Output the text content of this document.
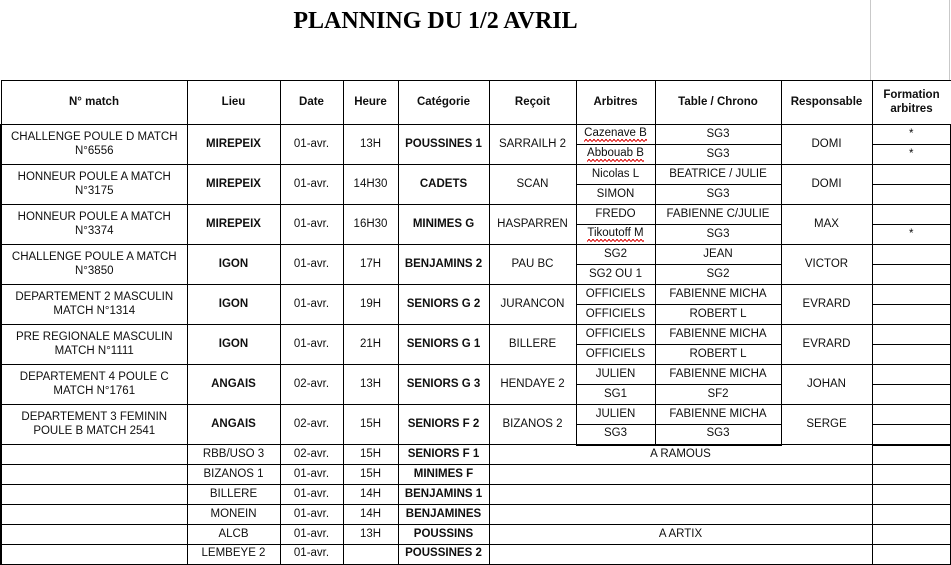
PLANNING DU 1/2 AVRIL
N° match	Lieu	Date	Heure	Catégorie	Reçoit	Arbitres	Table / Chrono	Responsable	Formation arbitres
CHALLENGE POULE D MATCH N°6556	MIREPEIX	01-avr.	13H	POUSSINES 1	SARRAILH 2	Cazenave B	SG3	DOMI	*
						Abbouab B	SG3		*
HONNEUR POULE A MATCH N°3175	MIREPEIX	01-avr.	14H30	CADETS	SCAN	Nicolas L	BEATRICE / JULIE	DOMI	
						SIMON	SG3		
HONNEUR POULE A MATCH N°3374	MIREPEIX	01-avr.	16H30	MINIMES G	HASPARREN	FREDO	FABIENNE C/JULIE	MAX	
						Tikoutoff M	SG3		*
CHALLENGE POULE A MATCH N°3850	IGON	01-avr.	17H	BENJAMINS 2	PAU BC	SG2	JEAN	VICTOR	
						SG2 OU 1	SG2		
DEPARTEMENT 2 MASCULIN MATCH N°1314	IGON	01-avr.	19H	SENIORS G 2	JURANCON	OFFICIELS	FABIENNE MICHA	EVRARD	
						OFFICIELS	ROBERT L		
PRE REGIONALE MASCULIN MATCH N°1111	IGON	01-avr.	21H	SENIORS G 1	BILLERE	OFFICIELS	FABIENNE MICHA	EVRARD	
						OFFICIELS	ROBERT L		
DEPARTEMENT 4 POULE C MATCH N°1761	ANGAIS	02-avr.	13H	SENIORS G 3	HENDAYE 2	JULIEN	FABIENNE MICHA	JOHAN	
						SG1	SF2		
DEPARTEMENT 3 FEMININ POULE B MATCH 2541	ANGAIS	02-avr.	15H	SENIORS F 2	BIZANOS 2	JULIEN	FABIENNE MICHA	SERGE	
						SG3	SG3		
	RBB/USO 3	02-avr.	15H	SENIORS F 1	A RAMOUS				
	BIZANOS 1	01-avr.	15H	MINIMES F					
	BILLERE	01-avr.	14H	BENJAMINS 1					
	MONEIN	01-avr.	14H	BENJAMINES					
	ALCB	01-avr.	13H	POUSSINS	A ARTIX				
	LEMBEYE 2	01-avr.		POUSSINES 2					
